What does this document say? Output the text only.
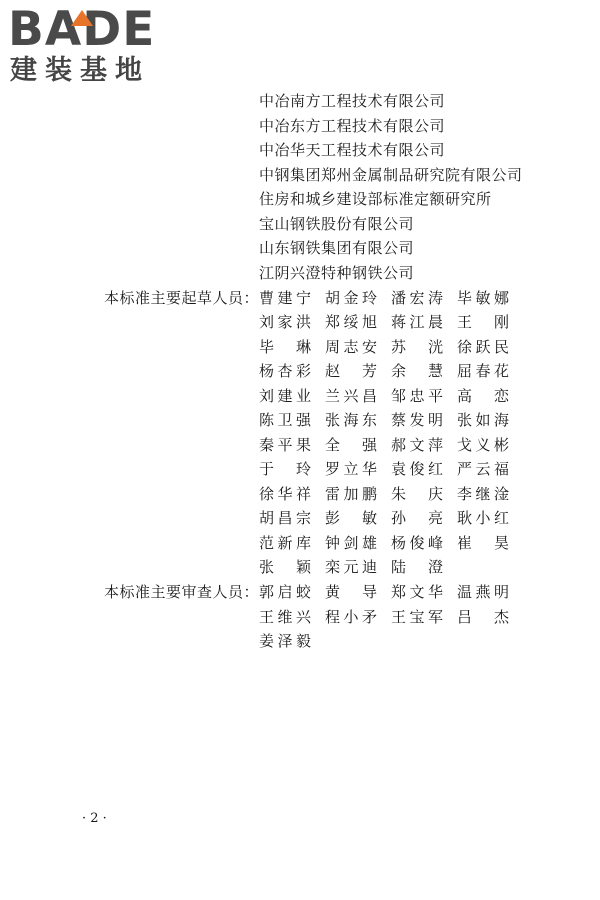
BADE
建装基地
中冶南方工程技术有限公司
中冶东方工程技术有限公司
中冶华天工程技术有限公司
中钢集团郑州金属制品研究院有限公司
住房和城乡建设部标准定额研究所
宝山钢铁股份有限公司
山东钢铁集团有限公司
江阴兴澄特种钢铁公司
本标准主要起草人员： 曹建宁 胡金玲 潘宏涛 毕敏娜
刘家洪 郑绥旭 蒋江晨 王刚
毕琳 周志安 苏洸 徐跃民
杨杏彩 赵芳 余慧 屈春花
刘建业 兰兴昌 邹忠平 高恋
陈卫强 张海东 蔡发明 张如海
秦平果 全强 郝文萍 戈义彬
于玲 罗立华 袁俊红 严云福
徐华祥 雷加鹏 朱庆 李继淦
胡昌宗 彭敏 孙亮 耿小红
范新库 钟剑雄 杨俊峰 崔昊
张颖 栾元迪 陆澄
本标准主要审查人员： 郭启蛟 黄导 郑文华 温燕明
王维兴 程小矛 王宝军 吕杰
姜泽毅
· 2 ·
